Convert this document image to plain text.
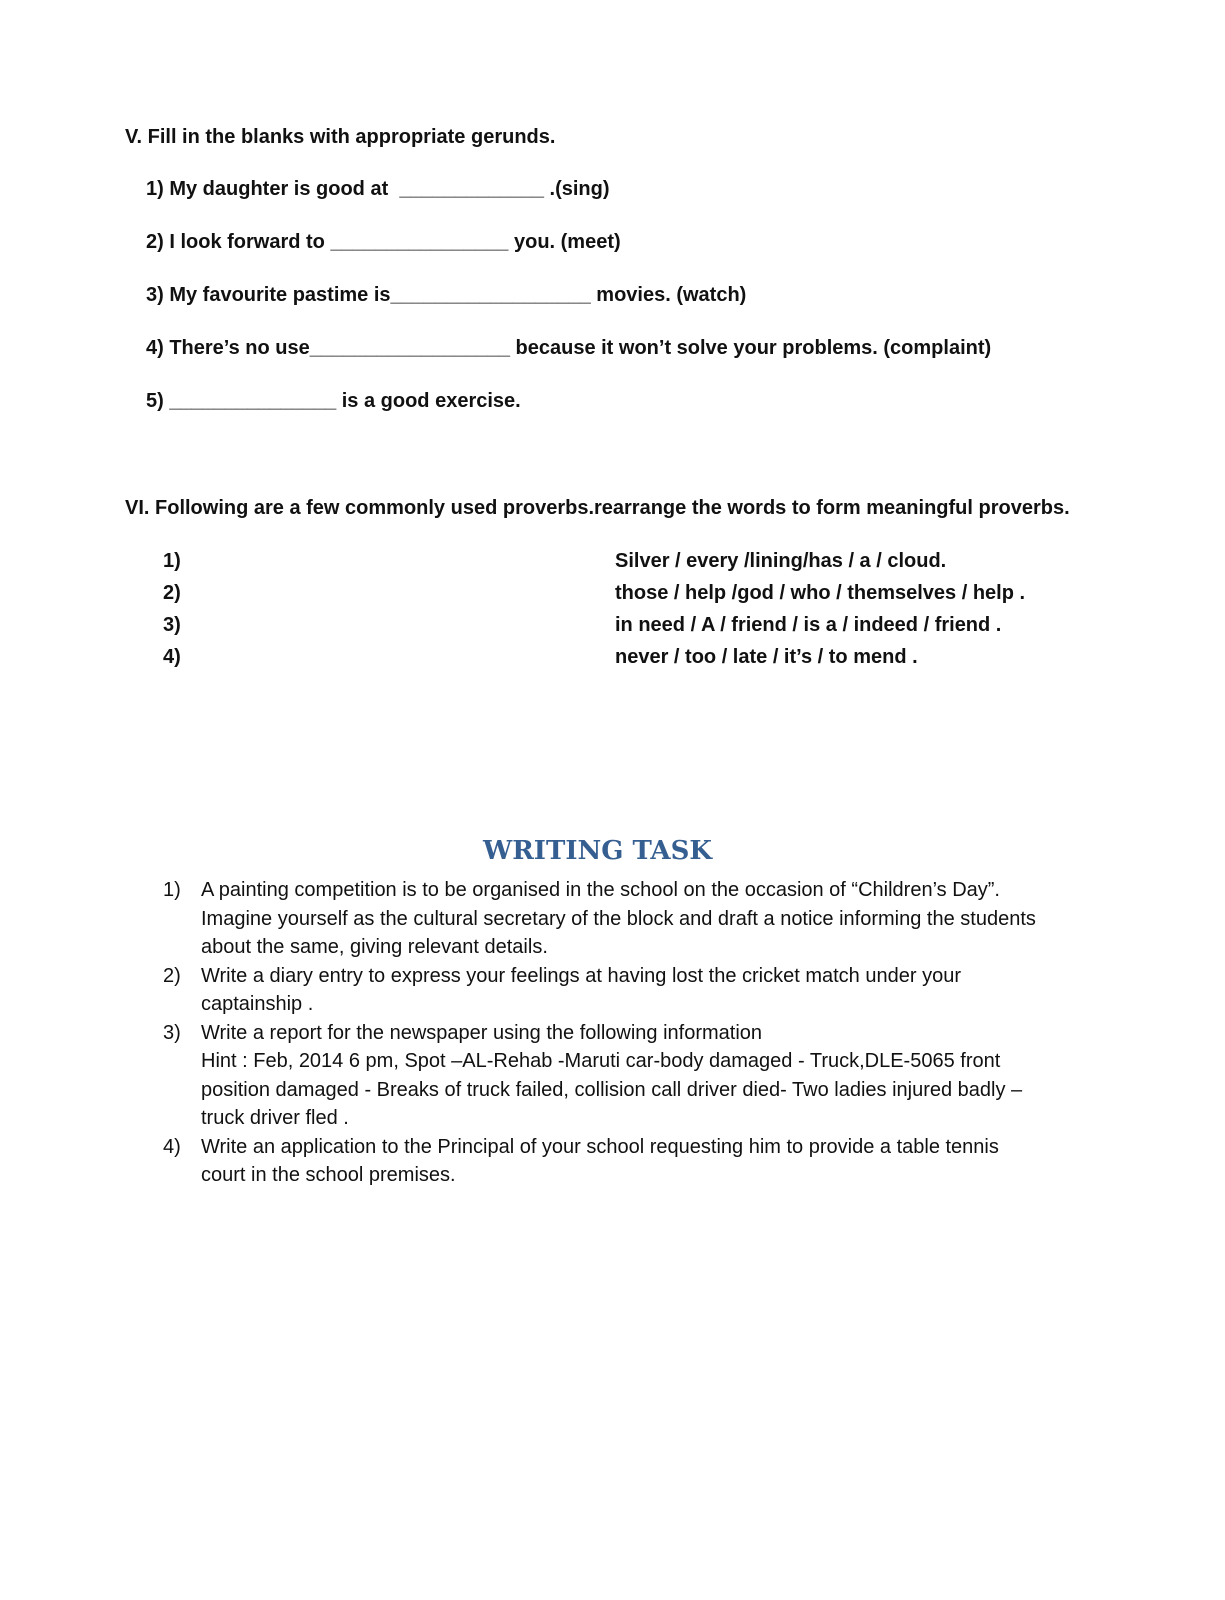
V. Fill in the blanks with appropriate gerunds.
1) My daughter is good at  _____________ .(sing)
2) I look forward to ________________ you. (meet)
3) My favourite pastime is__________________ movies. (watch)
4) There’s no use__________________ because it won’t solve your problems. (complaint)
5) _______________ is a good exercise.
VI. Following are a few commonly used proverbs.rearrange the words to form meaningful proverbs.
1)	Silver / every /lining/has / a / cloud.
2)	those / help /god / who / themselves / help .
3)	in need / A / friend / is a / indeed / friend .
4)	never / too / late / it’s / to mend .
WRITING TASK
1) A painting competition is to be organised in the school on the occasion of “Children’s Day”.
Imagine yourself as the cultural secretary of the block and draft a notice informing the students
about the same, giving relevant details.
2) Write a diary entry to express your feelings at having lost the cricket match under your
captainship .
3) Write a report for the newspaper using the following information
Hint : Feb, 2014 6 pm, Spot –AL-Rehab -Maruti car-body damaged - Truck,DLE-5065 front
position damaged - Breaks of truck failed, collision call driver died- Two ladies injured badly –
truck driver fled .
4) Write an application to the Principal of your school requesting him to provide a table tennis
court in the school premises.
